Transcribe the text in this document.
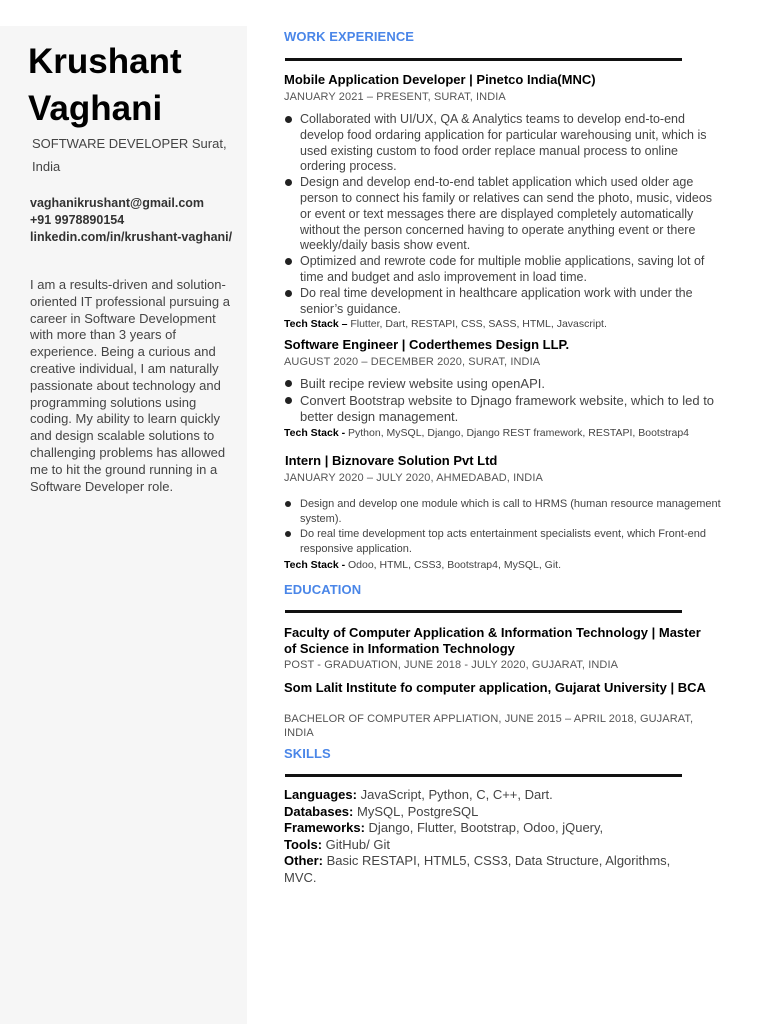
Krushant
Vaghani
SOFTWARE DEVELOPER Surat, India
vaghanikrushant@gmail.com
+91 9978890154
linkedin.com/in/krushant-vaghani/
I am a results-driven and solution-oriented IT professional pursuing a career in Software Development with more than 3 years of experience. Being a curious and creative individual, I am naturally passionate about technology and programming solutions using coding. My ability to learn quickly and design scalable solutions to challenging problems has allowed me to hit the ground running in a Software Developer role.
WORK EXPERIENCE
Mobile Application Developer | Pinetco India(MNC)
JANUARY 2021 – PRESENT, SURAT, INDIA
Collaborated with UI/UX, QA & Analytics teams to develop end-to-end develop food ordaring application for particular warehousing unit, which is used existing custom to food order replace manual process to online ordering process.
Design and develop end-to-end tablet application which used older age person to connect his family or relatives can send the photo, music, videos or event or text messages there are displayed completely automatically without the person concerned having to operate anything event or there weekly/daily basis show event.
Optimized and rewrote code for multiple moblie applications, saving lot of time and budget and aslo improvement in load time.
Do real time development in healthcare application work with under the senior’s guidance.
Tech Stack – Flutter, Dart, RESTAPI, CSS, SASS, HTML, Javascript.
Software Engineer | Coderthemes Design LLP.
AUGUST 2020 – DECEMBER 2020, SURAT, INDIA
Built recipe review website using openAPI.
Convert Bootstrap website to Djnago framework website, which to led to better design management.
Tech Stack - Python, MySQL, Django, Django REST framework, RESTAPI, Bootstrap4
Intern | Biznovare Solution Pvt Ltd
JANUARY 2020 – JULY 2020, AHMEDABAD, INDIA
Design and develop one module which is call to HRMS (human resource management system).
Do real time development top acts entertainment specialists event, which Front-end responsive application.
Tech Stack - Odoo, HTML, CSS3, Bootstrap4, MySQL, Git.
EDUCATION
Faculty of Computer Application & Information Technology | Master of Science in Information Technology
POST - GRADUATION, JUNE 2018 - JULY 2020, GUJARAT, INDIA
Som Lalit Institute fo computer application, Gujarat University | BCA
BACHELOR OF COMPUTER APPLIATION, JUNE 2015 – APRIL 2018, GUJARAT, INDIA
SKILLS
Languages: JavaScript, Python, C, C++, Dart.
Databases: MySQL, PostgreSQL
Frameworks: Django, Flutter, Bootstrap, Odoo, jQuery,
Tools: GitHub/ Git
Other: Basic RESTAPI, HTML5, CSS3, Data Structure, Algorithms, MVC.
